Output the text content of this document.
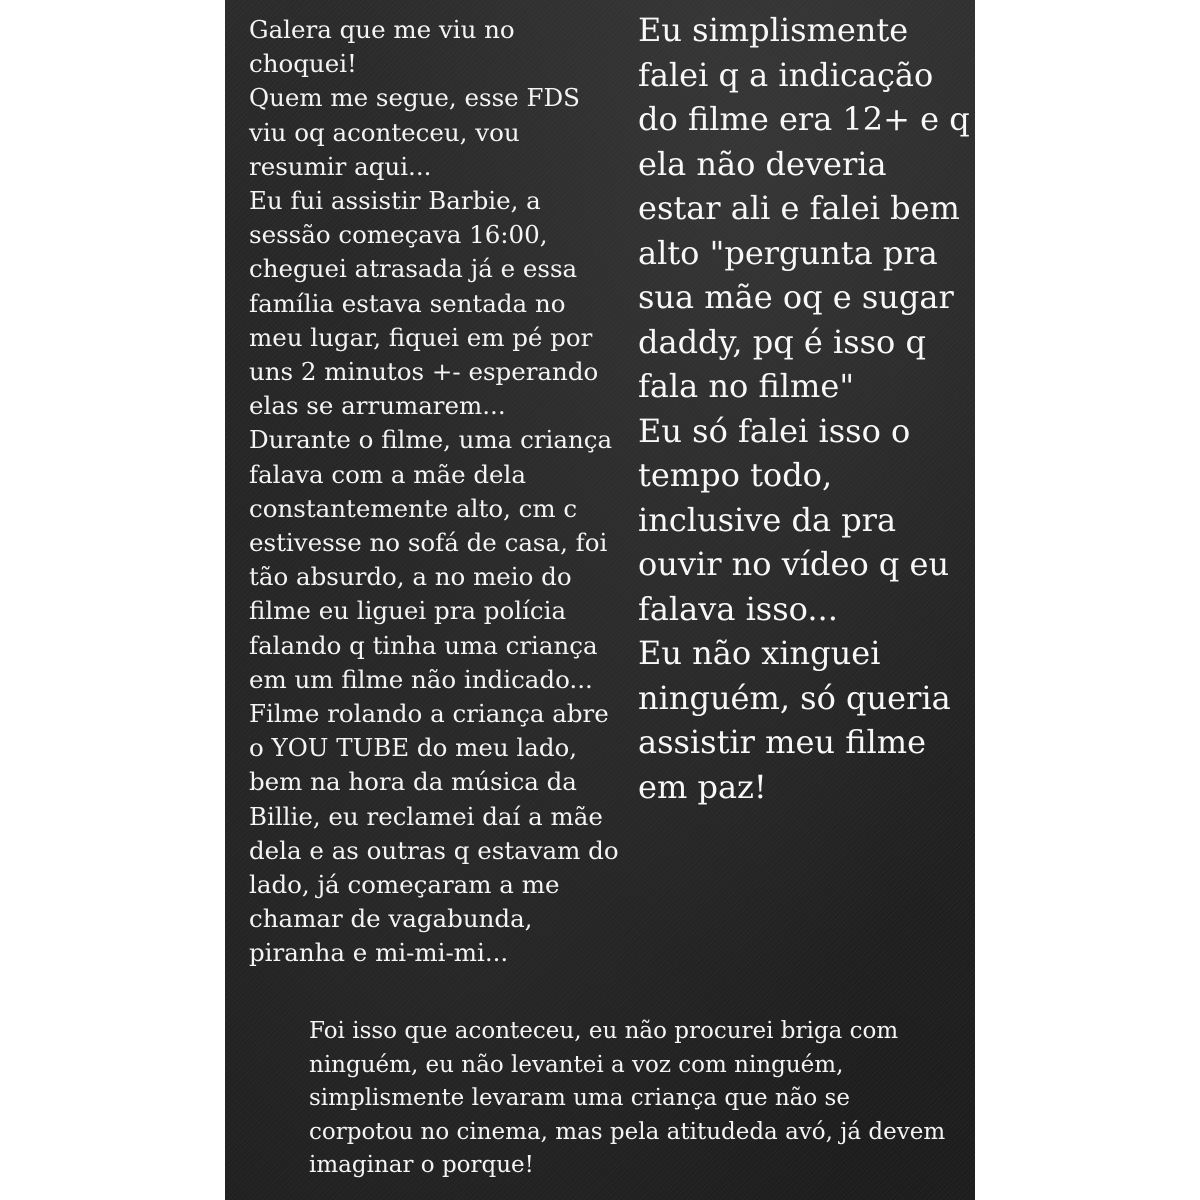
Galera que me viu no
choquei!
Quem me segue, esse FDS
viu oq aconteceu, vou
resumir aqui...
Eu fui assistir Barbie, a
sessão começava 16:00,
cheguei atrasada já e essa
família estava sentada no
meu lugar, fiquei em pé por
uns 2 minutos +- esperando
elas se arrumarem...
Durante o filme, uma criança
falava com a mãe dela
constantemente alto, cm c
estivesse no sofá de casa, foi
tão absurdo, a no meio do
filme eu liguei pra polícia
falando q tinha uma criança
em um filme não indicado...
Filme rolando a criança abre
o YOU TUBE do meu lado,
bem na hora da música da
Billie, eu reclamei daí a mãe
dela e as outras q estavam do
lado, já começaram a me
chamar de vagabunda,
piranha e mi-mi-mi...

Eu simplismente
falei q a indicação
do filme era 12+ e q
ela não deveria
estar ali e falei bem
alto "pergunta pra
sua mãe oq e sugar
daddy, pq é isso q
fala no filme"
Eu só falei isso o
tempo todo,
inclusive da pra
ouvir no vídeo q eu
falava isso...
Eu não xinguei
ninguém, só queria
assistir meu filme
em paz!

Foi isso que aconteceu, eu não procurei briga com
ninguém, eu não levantei a voz com ninguém,
simplismente levaram uma criança que não se
corpotou no cinema, mas pela atitudeda avó, já devem
imaginar o porque!
